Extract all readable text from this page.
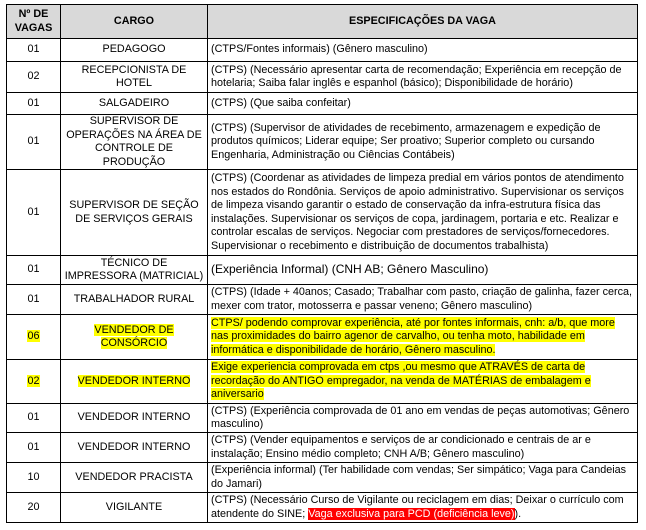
Nº DE VAGAS	CARGO	ESPECIFICAÇÕES DA VAGA
01	PEDAGOGO	(CTPS/Fontes informais) (Gênero masculino)
02	RECEPCIONISTA DE HOTEL	(CTPS) (Necessário apresentar carta de recomendação; Experiência em recepção de hotelaria; Saiba falar inglês e espanhol (básico); Disponibilidade de horário)
01	SALGADEIRO	(CTPS) (Que saiba confeitar)
01	SUPERVISOR DE OPERAÇÕES NA ÁREA DE CONTROLE DE PRODUÇÃO	(CTPS) (Supervisor de atividades de recebimento, armazenagem e expedição de produtos químicos; Liderar equipe; Ser proativo; Superior completo ou cursando Engenharia, Administração ou Ciências Contábeis)
01	SUPERVISOR DE SEÇÃO DE SERVIÇOS GERAIS	(CTPS) (Coordenar as atividades de limpeza predial em vários pontos de atendimento nos estados do Rondônia. Serviços de apoio administrativo. Supervisionar os serviços de limpeza visando garantir o estado de conservação da infra-estrutura física das instalações. Supervisionar os serviços de copa, jardinagem, portaria e etc. Realizar e controlar escalas de serviços. Negociar com prestadores de serviços/fornecedores. Supervisionar o recebimento e distribuição de documentos trabalhista)
01	TÉCNICO DE IMPRESSORA (MATRICIAL)	(Experiência Informal) (CNH AB; Gênero Masculino)
01	TRABALHADOR RURAL	(CTPS) (Idade + 40anos; Casado; Trabalhar com pasto, criação de galinha, fazer cerca, mexer com trator, motosserra e passar veneno; Gênero masculino)
06	VENDEDOR DE CONSÓRCIO	CTPS/ podendo comprovar experiência, até por fontes informais, cnh: a/b, que more nas proximidades do bairro agenor de carvalho, ou tenha moto, habilidade em informática e disponibilidade de horário, Gênero masculino.
02	VENDEDOR INTERNO	Exige experiencia comprovada em ctps ,ou mesmo que ATRAVÉS de carta de recordação do ANTIGO empregador, na venda de MATÉRIAS de embalagem e aniversario
01	VENDEDOR INTERNO	(CTPS) (Experiência comprovada de 01 ano em vendas de peças automotivas; Gênero masculino)
01	VENDEDOR INTERNO	(CTPS) (Vender equipamentos e serviços de ar condicionado e centrais de ar e instalação; Ensino médio completo; CNH A/B; Gênero masculino)
10	VENDEDOR PRACISTA	(Experiência informal) (Ter habilidade com vendas; Ser simpático; Vaga para Candeias do Jamari)
20	VIGILANTE	(CTPS) (Necessário Curso de Vigilante ou reciclagem em dias; Deixar o currículo com atendente do SINE; Vaga exclusiva para PCD (deficiência leve)).
